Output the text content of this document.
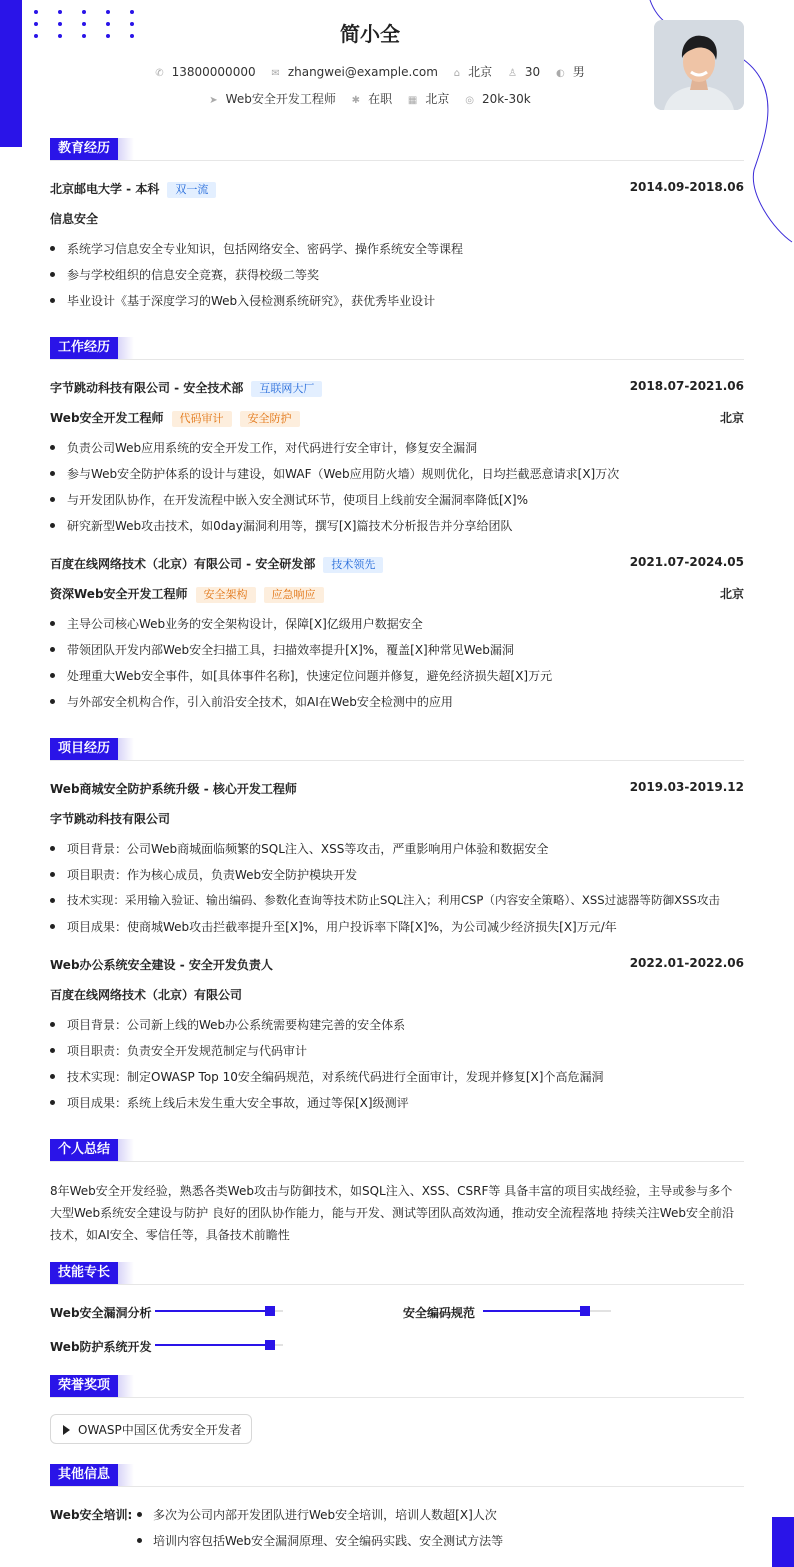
简小全
✆ 13800000000 ✉ zhangwei@example.com ⌂ 北京 ♙ 30 ◐ 男
➤ Web安全开发工程师 ✱ 在职 ▦ 北京 ◎ 20k-30k
教育经历
北京邮电大学 - 本科 双一流	2014.09-2018.06
信息安全
系统学习信息安全专业知识，包括网络安全、密码学、操作系统安全等课程
参与学校组织的信息安全竞赛，获得校级二等奖
毕业设计《基于深度学习的Web入侵检测系统研究》，获优秀毕业设计
工作经历
字节跳动科技有限公司 - 安全技术部 互联网大厂	2018.07-2021.06
Web安全开发工程师 代码审计 安全防护	北京
负责公司Web应用系统的安全开发工作，对代码进行安全审计，修复安全漏洞
参与Web安全防护体系的设计与建设，如WAF（Web应用防火墙）规则优化，日均拦截恶意请求[X]万次
与开发团队协作，在开发流程中嵌入安全测试环节，使项目上线前安全漏洞率降低[X]%
研究新型Web攻击技术，如0day漏洞利用等，撰写[X]篇技术分析报告并分享给团队
百度在线网络技术（北京）有限公司 - 安全研发部 技术领先	2021.07-2024.05
资深Web安全开发工程师 安全架构 应急响应	北京
主导公司核心Web业务的安全架构设计，保障[X]亿级用户数据安全
带领团队开发内部Web安全扫描工具，扫描效率提升[X]%，覆盖[X]种常见Web漏洞
处理重大Web安全事件，如[具体事件名称]，快速定位问题并修复，避免经济损失超[X]万元
与外部安全机构合作，引入前沿安全技术，如AI在Web安全检测中的应用
项目经历
Web商城安全防护系统升级 - 核心开发工程师	2019.03-2019.12
字节跳动科技有限公司
项目背景：公司Web商城面临频繁的SQL注入、XSS等攻击，严重影响用户体验和数据安全
项目职责：作为核心成员，负责Web安全防护模块开发
技术实现：采用输入验证、输出编码、参数化查询等技术防止SQL注入；利用CSP（内容安全策略）、XSS过滤器等防御XSS攻击
项目成果：使商城Web攻击拦截率提升至[X]%，用户投诉率下降[X]%，为公司减少经济损失[X]万元/年
Web办公系统安全建设 - 安全开发负责人	2022.01-2022.06
百度在线网络技术（北京）有限公司
项目背景：公司新上线的Web办公系统需要构建完善的安全体系
项目职责：负责安全开发规范制定与代码审计
技术实现：制定OWASP Top 10安全编码规范，对系统代码进行全面审计，发现并修复[X]个高危漏洞
项目成果：系统上线后未发生重大安全事故，通过等保[X]级测评
个人总结
8年Web安全开发经验，熟悉各类Web攻击与防御技术，如SQL注入、XSS、CSRF等 具备丰富的项目实战经验，主导或参与多个大型Web系统安全建设与防护 良好的团队协作能力，能与开发、测试等团队高效沟通，推动安全流程落地 持续关注Web安全前沿技术，如AI安全、零信任等，具备技术前瞻性
技能专长
Web安全漏洞分析	安全编码规范
Web防护系统开发
荣誉奖项
OWASP中国区优秀安全开发者
其他信息
Web安全培训:	多次为公司内部开发团队进行Web安全培训，培训人数超[X]人次
培训内容包括Web安全漏洞原理、安全编码实践、安全测试方法等
